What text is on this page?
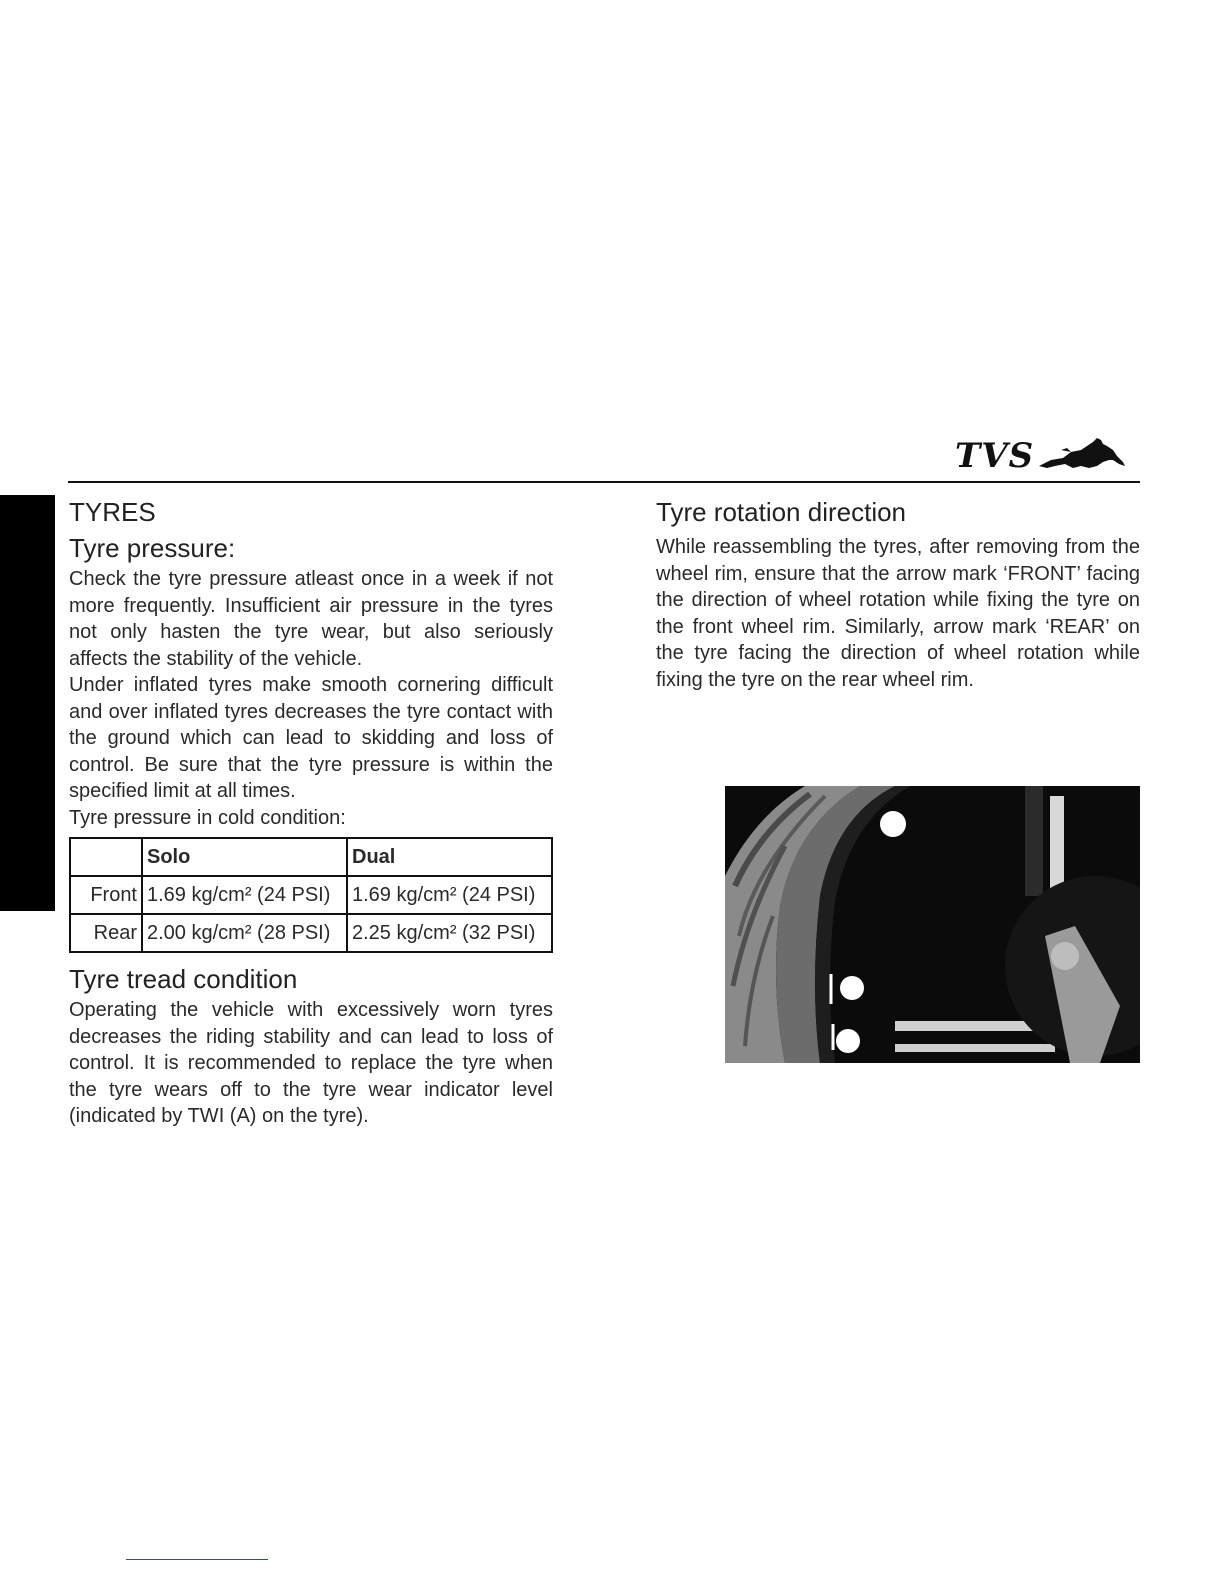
TVS
TYRES
Tyre pressure:

Check the tyre pressure atleast once in a week if not more frequently. Insufficient air pressure in the tyres not only hasten the tyre wear, but also seriously affects the stability of the vehicle.

Under inflated tyres make smooth cornering difficult and over inflated tyres decreases the tyre contact with the ground which can lead to skidding and loss of control. Be sure that the tyre pressure is within the specified limit at all times.

Tyre pressure in cold condition:

	Solo	Dual
Front	1.69 kg/cm² (24 PSI)	1.69 kg/cm² (24 PSI)
Rear	2.00 kg/cm² (28 PSI)	2.25 kg/cm² (32 PSI)
Tyre tread condition

Operating the vehicle with excessively worn tyres decreases the riding stability and can lead to loss of control. It is recommended to replace the tyre when the tyre wears off to the tyre wear indicator level (indicated by TWI (A) on the tyre).

Tyre rotation direction

While reassembling the tyres, after removing from the wheel rim, ensure that the arrow mark ‘FRONT’ facing the direction of wheel rotation while fixing the tyre on the front wheel rim. Similarly, arrow mark ‘REAR’ on the tyre facing the direction of wheel rotation while fixing the tyre on the rear wheel rim.
